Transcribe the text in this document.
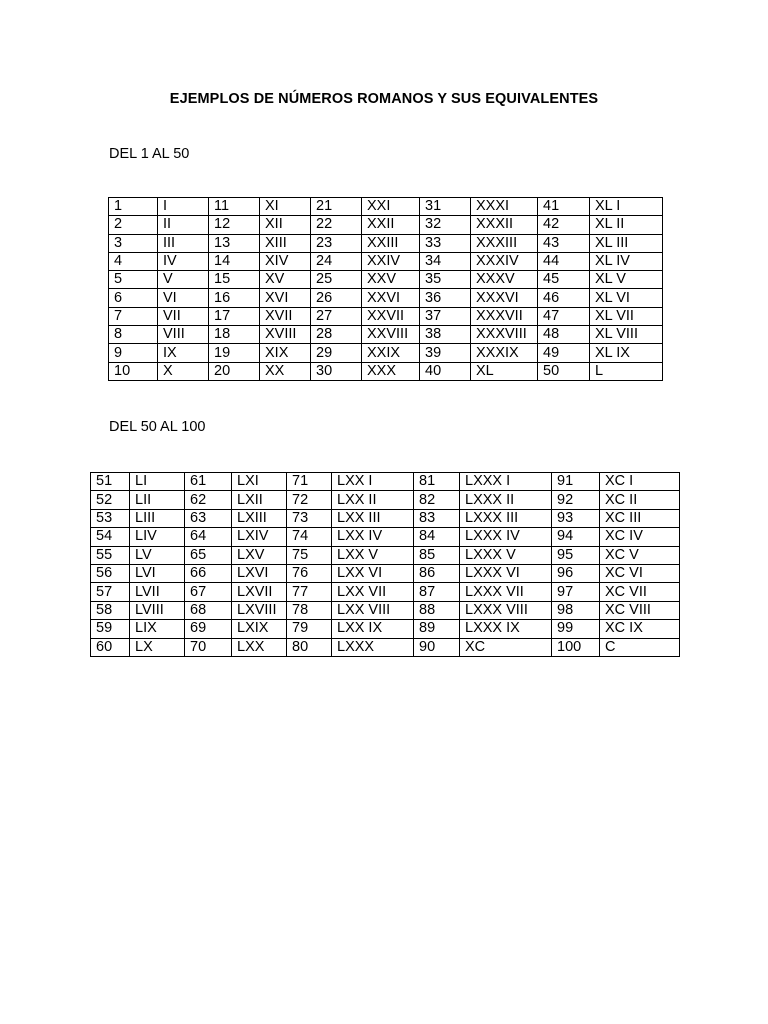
EJEMPLOS DE NÚMEROS ROMANOS Y SUS EQUIVALENTES
DEL 1 AL 50
1	I	11	XI	21	XXI	31	XXXI	41	XL I
2	II	12	XII	22	XXII	32	XXXII	42	XL II
3	III	13	XIII	23	XXIII	33	XXXIII	43	XL III
4	IV	14	XIV	24	XXIV	34	XXXIV	44	XL IV
5	V	15	XV	25	XXV	35	XXXV	45	XL V
6	VI	16	XVI	26	XXVI	36	XXXVI	46	XL VI
7	VII	17	XVII	27	XXVII	37	XXXVII	47	XL VII
8	VIII	18	XVIII	28	XXVIII	38	XXXVIII	48	XL VIII
9	IX	19	XIX	29	XXIX	39	XXXIX	49	XL IX
10	X	20	XX	30	XXX	40	XL	50	L
DEL 50 AL 100
51	LI	61	LXI	71	LXX I	81	LXXX I	91	XC I
52	LII	62	LXII	72	LXX II	82	LXXX II	92	XC II
53	LIII	63	LXIII	73	LXX III	83	LXXX III	93	XC III
54	LIV	64	LXIV	74	LXX IV	84	LXXX IV	94	XC IV
55	LV	65	LXV	75	LXX V	85	LXXX V	95	XC V
56	LVI	66	LXVI	76	LXX VI	86	LXXX VI	96	XC VI
57	LVII	67	LXVII	77	LXX VII	87	LXXX VII	97	XC VII
58	LVIII	68	LXVIII	78	LXX VIII	88	LXXX VIII	98	XC VIII
59	LIX	69	LXIX	79	LXX IX	89	LXXX IX	99	XC IX
60	LX	70	LXX	80	LXXX	90	XC	100	C
